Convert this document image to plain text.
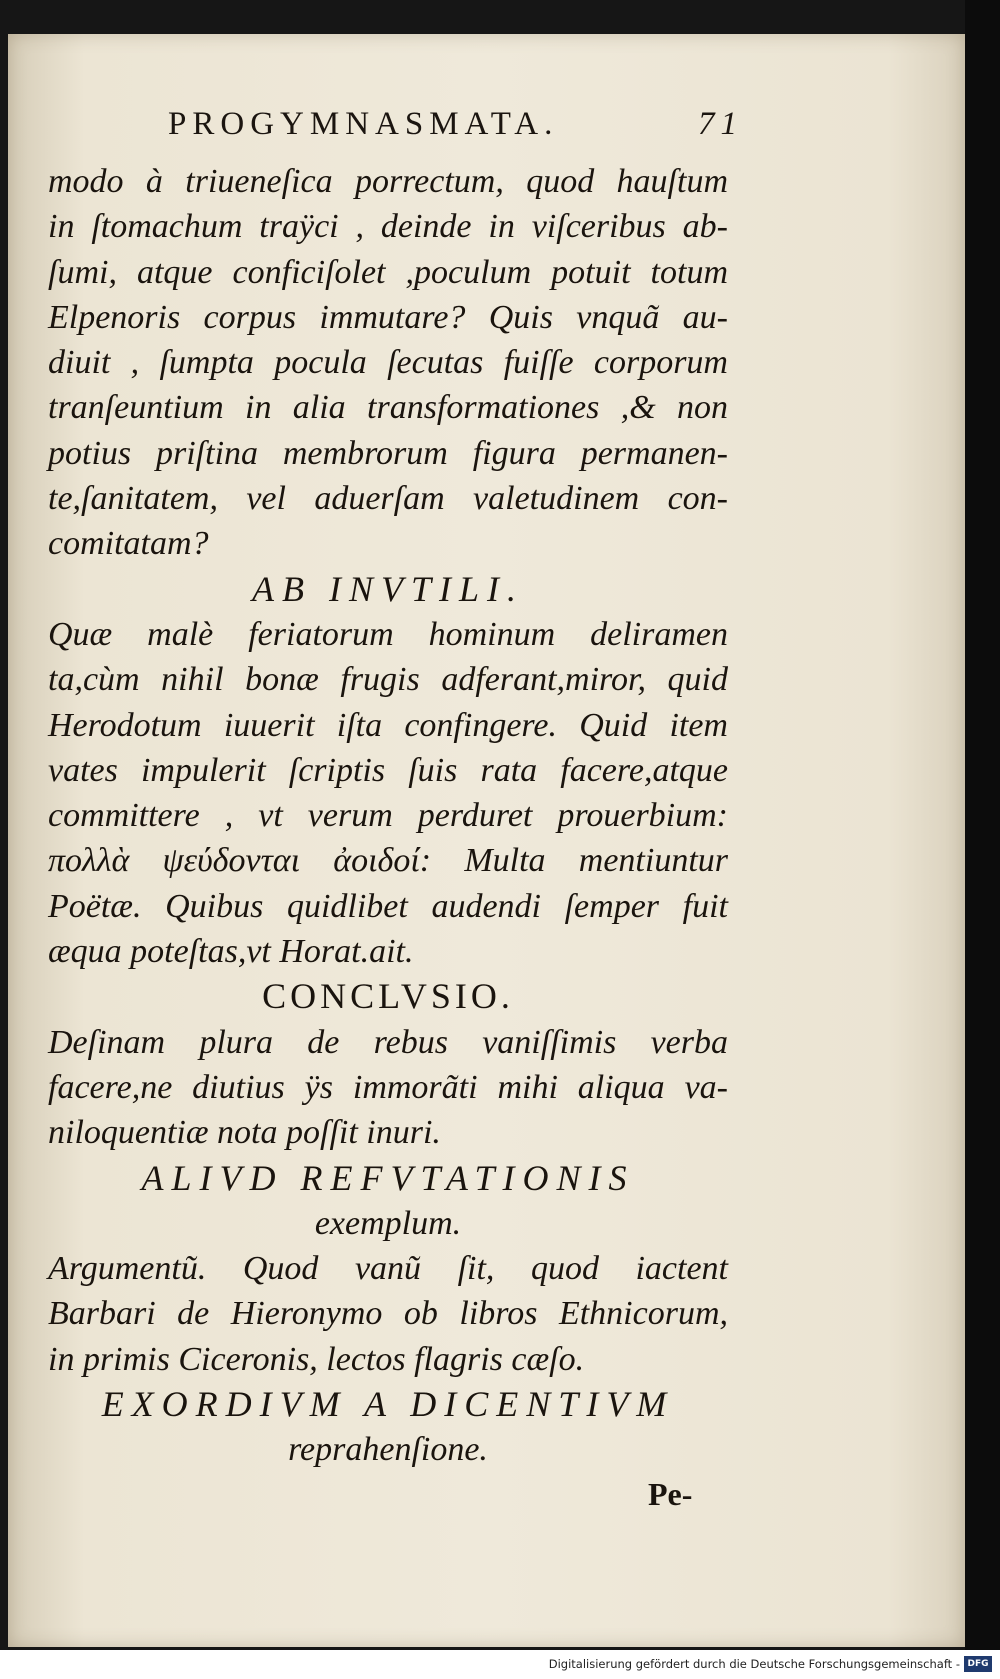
PROGYMNASMATA.	71
modo à triueneſica porrectum, quod hauſtum
in ſtomachum traÿci , deinde in viſceribus ab-
ſumi, atque conficiſolet ,poculum potuit totum
Elpenoris corpus immutare? Quis vnquã au-
diuit , ſumpta pocula ſecutas fuiſſe corporum
tranſeuntium in alia transformationes ,& non
potius priſtina membrorum figura permanen-
te,ſanitatem, vel aduerſam valetudinem con-
comitatam?
AB INVTILI.
Quæ malè feriatorum hominum deliramen
ta,cùm nihil bonæ frugis adferant,miror, quid
Herodotum iuuerit iſta confingere. Quid item
vates impulerit ſcriptis ſuis rata facere,atque
committere , vt verum perduret prouerbium:
πολλὰ ψεύδονται ἀοιδοί: Multa mentiuntur
Poëtæ. Quibus quidlibet audendi ſemper fuit
æqua poteſtas,vt Horat.ait.
CONCLVSIO.
Deſinam plura de rebus vaniſſimis verba
facere,ne diutius ÿs immorãti mihi aliqua va-
niloquentiæ nota poſſit inuri.
ALIVD REFVTATIONIS
exemplum.
Argumentũ. Quod vanũ ſit, quod iactent
Barbari de Hieronymo ob libros Ethnicorum,
in primis Ciceronis, lectos flagris cæſo.
EXORDIVM A DICENTIVM
reprahenſione.
Pe-
Digitalisierung gefördert durch die Deutsche Forschungsgemeinschaft - DFG
